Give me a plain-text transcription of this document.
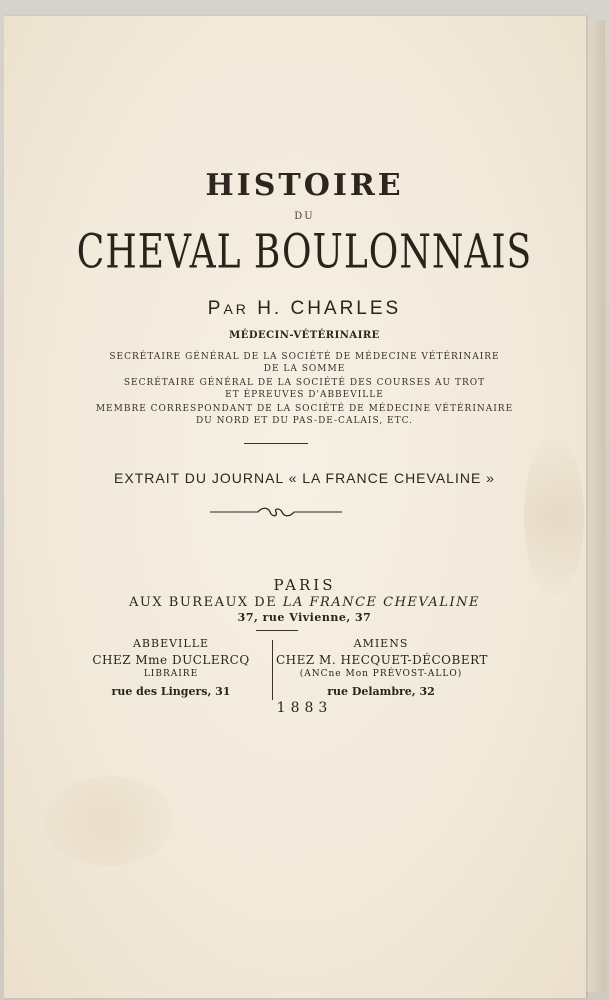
HISTOIRE
DU
CHEVAL BOULONNAIS
PAR H. CHARLES
MÉDECIN-VÉTÉRINAIRE
SECRÉTAIRE GÉNÉRAL DE LA SOCIÉTÉ DE MÉDECINE VÉTÉRINAIRE
DE LA SOMME
SECRÉTAIRE GÉNÉRAL DE LA SOCIÉTÉ DES COURSES AU TROT
ET ÉPREUVES D'ABBEVILLE
MEMBRE CORRESPONDANT DE LA SOCIÉTÉ DE MÉDECINE VÉTÉRINAIRE
DU NORD ET DU PAS-DE-CALAIS, ETC.
EXTRAIT DU JOURNAL « LA FRANCE CHEVALINE »
PARIS
AUX BUREAUX DE LA FRANCE CHEVALINE
37, rue Vivienne, 37
ABBEVILLE
CHEZ Mme DUCLERCQ
LIBRAIRE
rue des Lingers, 31
AMIENS
CHEZ M. HECQUET-DÉCOBERT
(ANCne Mon PRÉVOST-ALLO)
rue Delambre, 32
1883
